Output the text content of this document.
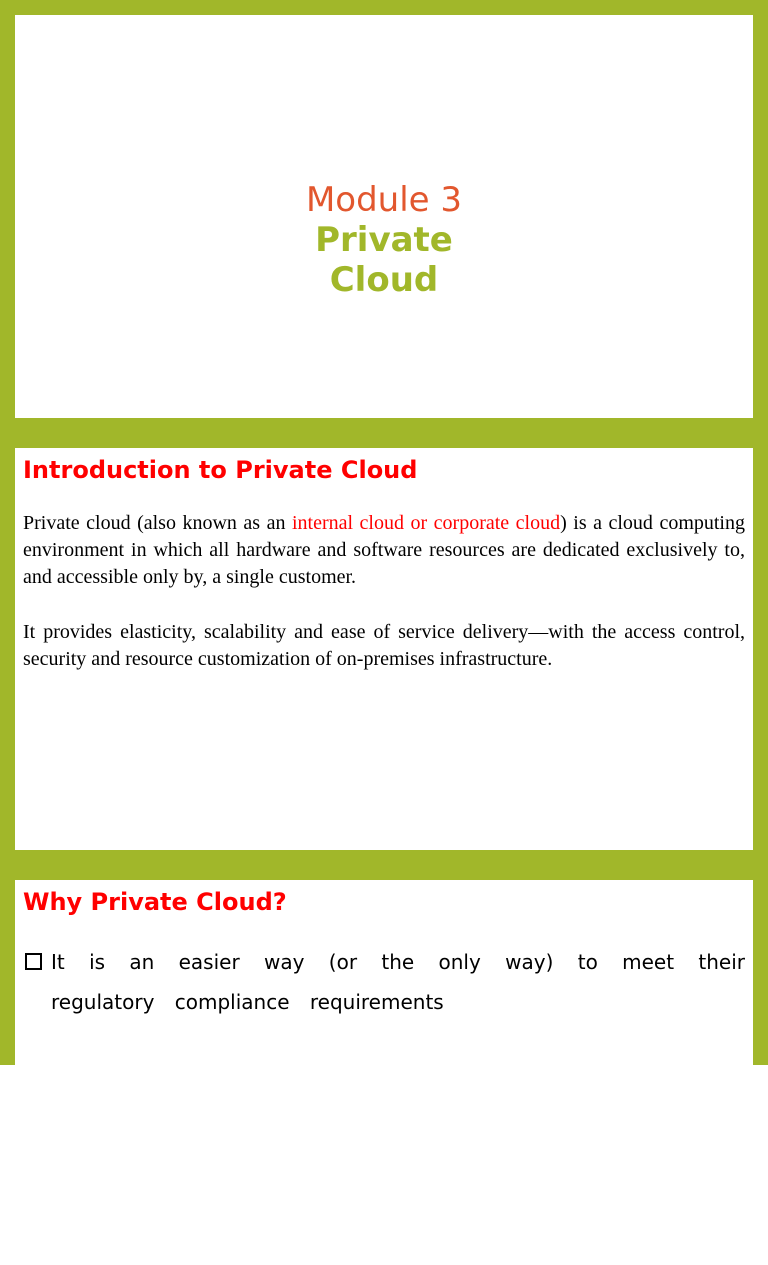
Module 3
Private
Cloud
Introduction to Private Cloud

Private cloud (also known as an internal cloud or corporate cloud) is a cloud computing environment in which all hardware and software resources are dedicated exclusively to, and accessible only by, a single customer.

It provides elasticity, scalability and ease of service delivery—with the access control, security and resource customization of on-premises infrastructure.

Why Private Cloud?
It is an easier way (or the only way) to meet their regulatory compliance requirements
